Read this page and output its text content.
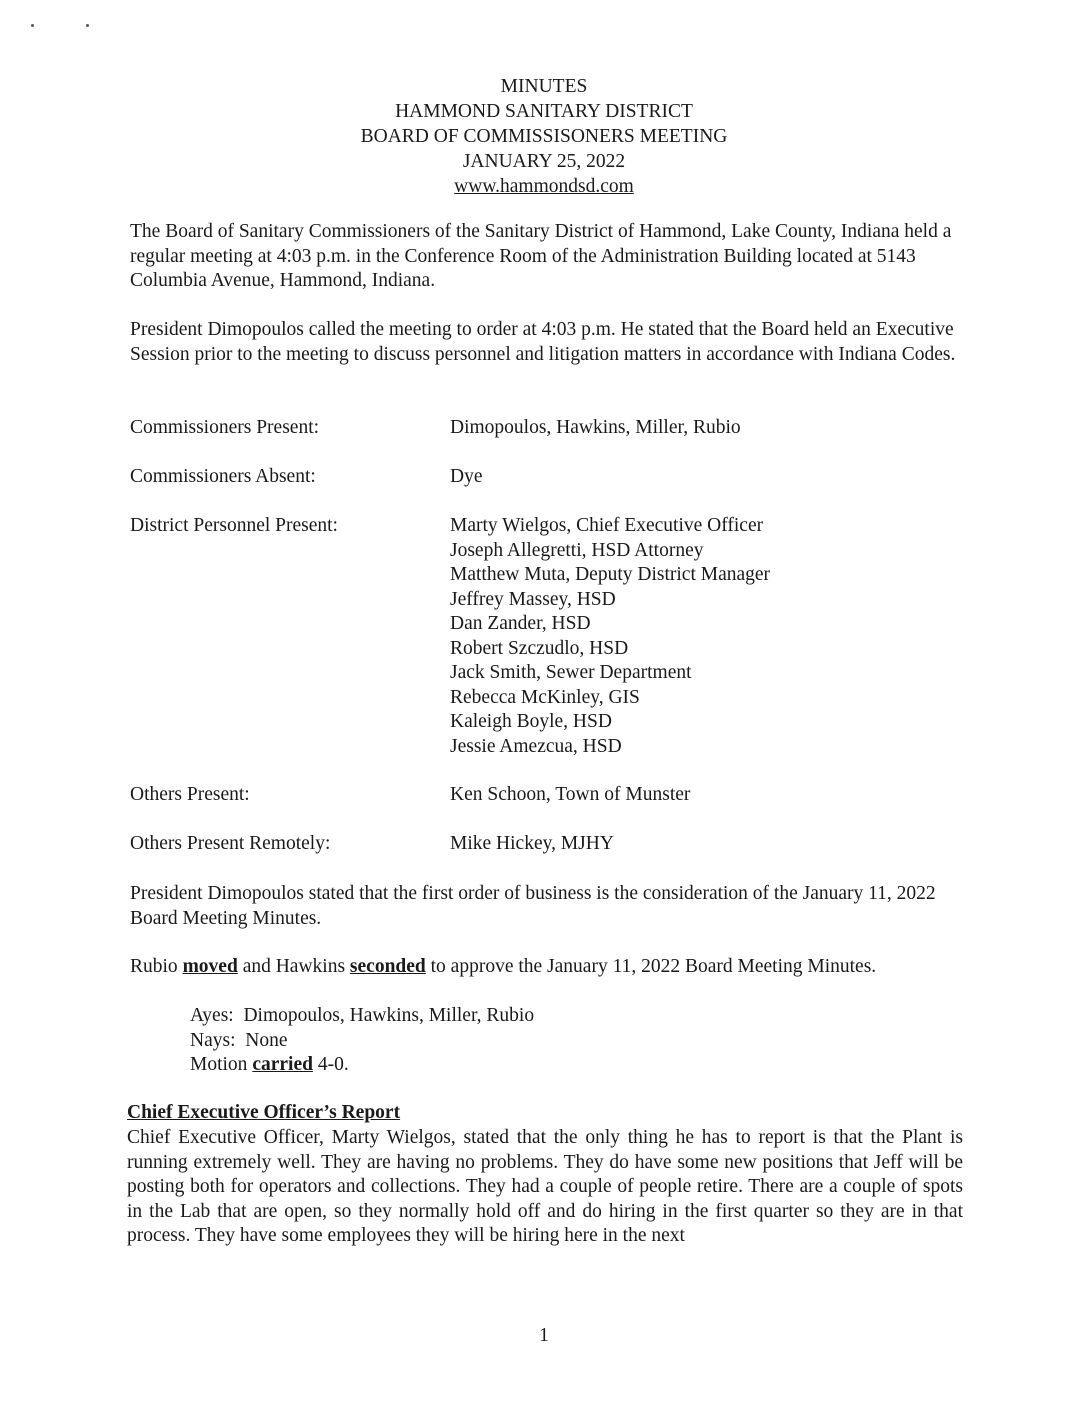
MINUTES
HAMMOND SANITARY DISTRICT
BOARD OF COMMISSISONERS MEETING
JANUARY 25, 2022
www.hammondsd.com

The Board of Sanitary Commissioners of the Sanitary District of Hammond, Lake County, Indiana held a regular meeting at 4:03 p.m. in the Conference Room of the Administration Building located at 5143 Columbia Avenue, Hammond, Indiana.

President Dimopoulos called the meeting to order at 4:03 p.m. He stated that the Board held an Executive Session prior to the meeting to discuss personnel and litigation matters in accordance with Indiana Codes.

Commissioners Present:	Dimopoulos, Hawkins, Miller, Rubio
Commissioners Absent:	Dye
District Personnel Present:	Marty Wielgos, Chief Executive Officer
Joseph Allegretti, HSD Attorney
Matthew Muta, Deputy District Manager
Jeffrey Massey, HSD
Dan Zander, HSD
Robert Szczudlo, HSD
Jack Smith, Sewer Department
Rebecca McKinley, GIS
Kaleigh Boyle, HSD
Jessie Amezcua, HSD
Others Present:	Ken Schoon, Town of Munster
Others Present Remotely:	Mike Hickey, MJHY

President Dimopoulos stated that the first order of business is the consideration of the January 11, 2022 Board Meeting Minutes.

Rubio moved and Hawkins seconded to approve the January 11, 2022 Board Meeting Minutes.

Ayes:  Dimopoulos, Hawkins, Miller, Rubio
Nays:  None
Motion carried 4-0.
Chief Executive Officer’s Report

Chief Executive Officer, Marty Wielgos, stated that the only thing he has to report is that the Plant is running extremely well. They are having no problems. They do have some new positions that Jeff will be posting both for operators and collections. They had a couple of people retire. There are a couple of spots in the Lab that are open, so they normally hold off and do hiring in the first quarter so they are in that process. They have some employees they will be hiring here in the next

1
